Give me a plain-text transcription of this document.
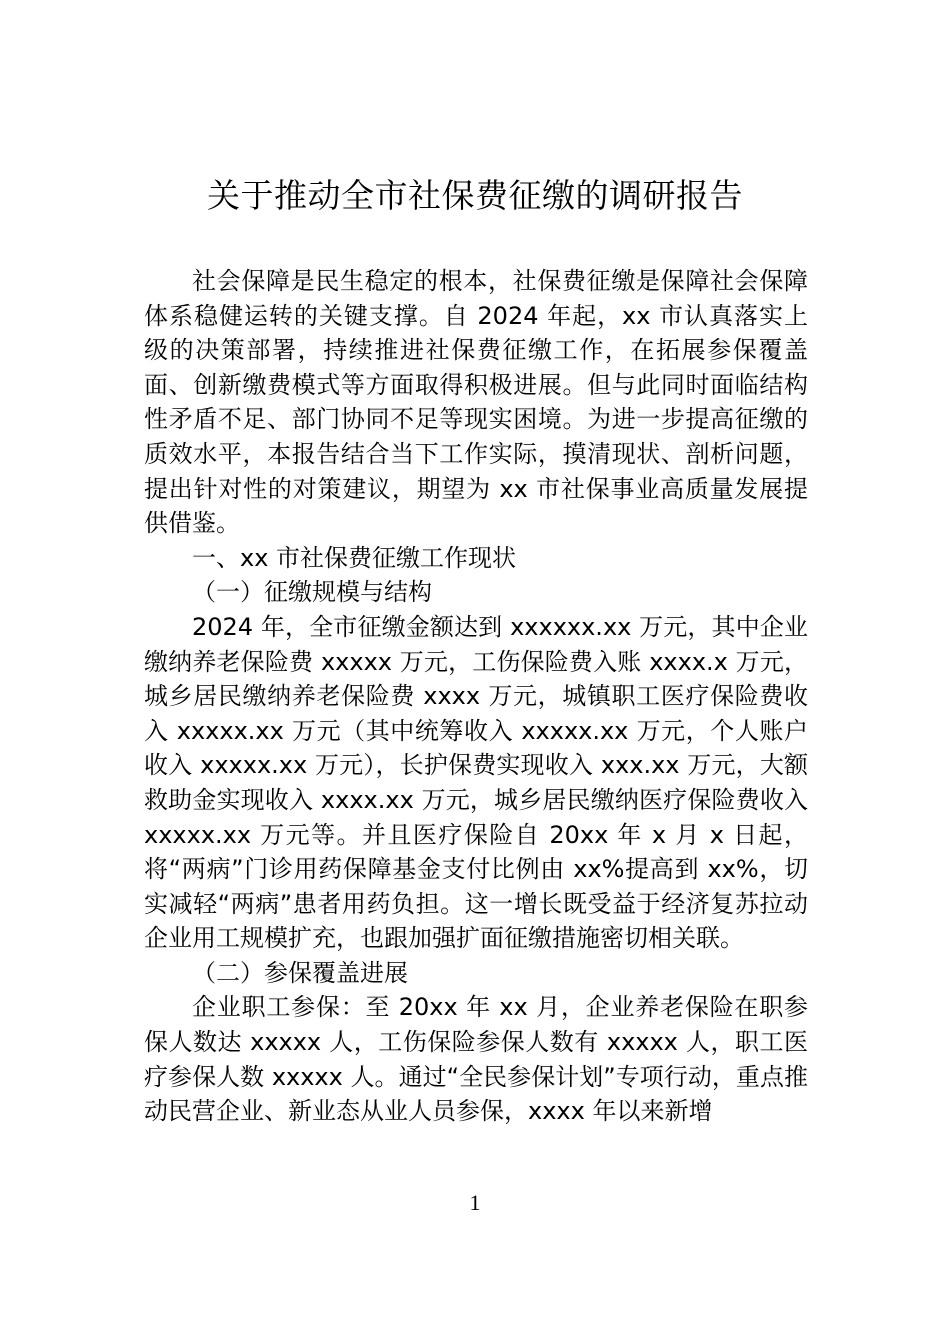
关于推动全市社保费征缴的调研报告

社会保障是民生稳定的根本，社保费征缴是保障社会保障体系稳健运转的关键支撑。自 2024 年起，xx 市认真落实上级的决策部署，持续推进社保费征缴工作，在拓展参保覆盖面、创新缴费模式等方面取得积极进展。但与此同时面临结构性矛盾不足、部门协同不足等现实困境。为进一步提高征缴的质效水平，本报告结合当下工作实际，摸清现状、剖析问题，提出针对性的对策建议，期望为 xx 市社保事业高质量发展提供借鉴。

一、xx 市社保费征缴工作现状

（一）征缴规模与结构

2024 年，全市征缴金额达到 xxxxxx.xx 万元，其中企业缴纳养老保险费 xxxxx 万元，工伤保险费入账 xxxx.x 万元，城乡居民缴纳养老保险费 xxxx 万元，城镇职工医疗保险费收入 xxxxx.xx 万元（其中统筹收入 xxxxx.xx 万元，个人账户收入 xxxxx.xx 万元），长护保费实现收入 xxx.xx 万元，大额救助金实现收入 xxxx.xx 万元，城乡居民缴纳医疗保险费收入 xxxxx.xx 万元等。并且医疗保险自 20xx 年 x 月 x 日起，将“两病”门诊用药保障基金支付比例由 xx%提高到 xx%，切实减轻“两病”患者用药负担。这一增长既受益于经济复苏拉动企业用工规模扩充，也跟加强扩面征缴措施密切相关联。

（二）参保覆盖进展

企业职工参保：至 20xx 年 xx 月，企业养老保险在职参保人数达 xxxxx 人，工伤保险参保人数有 xxxxx 人，职工医疗参保人数 xxxxx 人。通过“全民参保计划”专项行动，重点推动民营企业、新业态从业人员参保，xxxx 年以来新增

1
